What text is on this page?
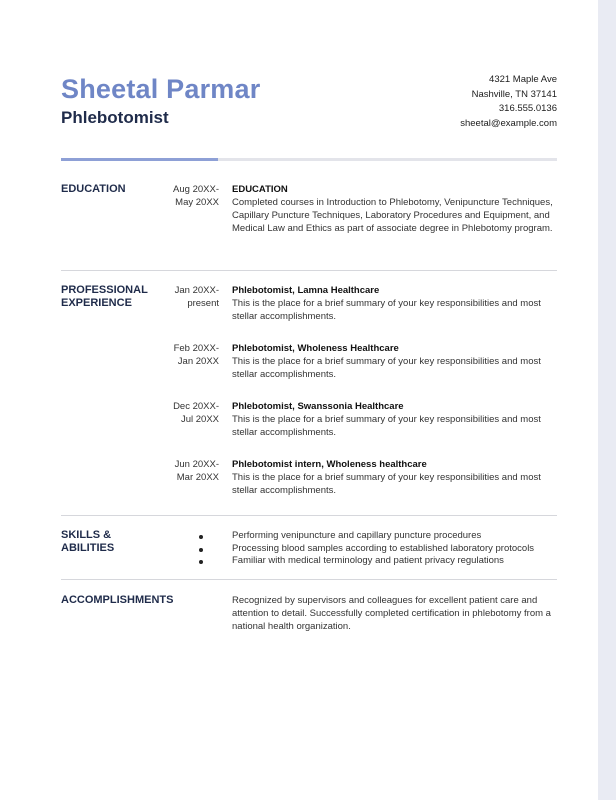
Sheetal Parmar
Phlebotomist
4321 Maple Ave
Nashville, TN 37141
316.555.0136
sheetal@example.com
EDUCATION	Aug 20XX-
May 20XX
EDUCATION
Completed courses in Introduction to Phlebotomy, Venipuncture Techniques, Capillary Puncture Techniques, Laboratory Procedures and Equipment, and Medical Law and Ethics as part of associate degree in Phlebotomy program.
PROFESSIONAL
EXPERIENCE
Jan 20XX-
present
Phlebotomist, Lamna Healthcare
This is the place for a brief summary of your key responsibilities and most stellar accomplishments.
Feb 20XX-
Jan 20XX
Phlebotomist, Wholeness Healthcare
This is the place for a brief summary of your key responsibilities and most stellar accomplishments.
Dec 20XX-
Jul 20XX
Phlebotomist, Swanssonia Healthcare
This is the place for a brief summary of your key responsibilities and most stellar accomplishments.
Jun 20XX-
Mar 20XX
Phlebotomist intern, Wholeness healthcare
This is the place for a brief summary of your key responsibilities and most stellar accomplishments.
SKILLS &
ABILITIES
Performing venipuncture and capillary puncture procedures
Processing blood samples according to established laboratory protocols
Familiar with medical terminology and patient privacy regulations
ACCOMPLISHMENTS	Recognized by supervisors and colleagues for excellent patient care and attention to detail. Successfully completed certification in phlebotomy from a national health organization.
